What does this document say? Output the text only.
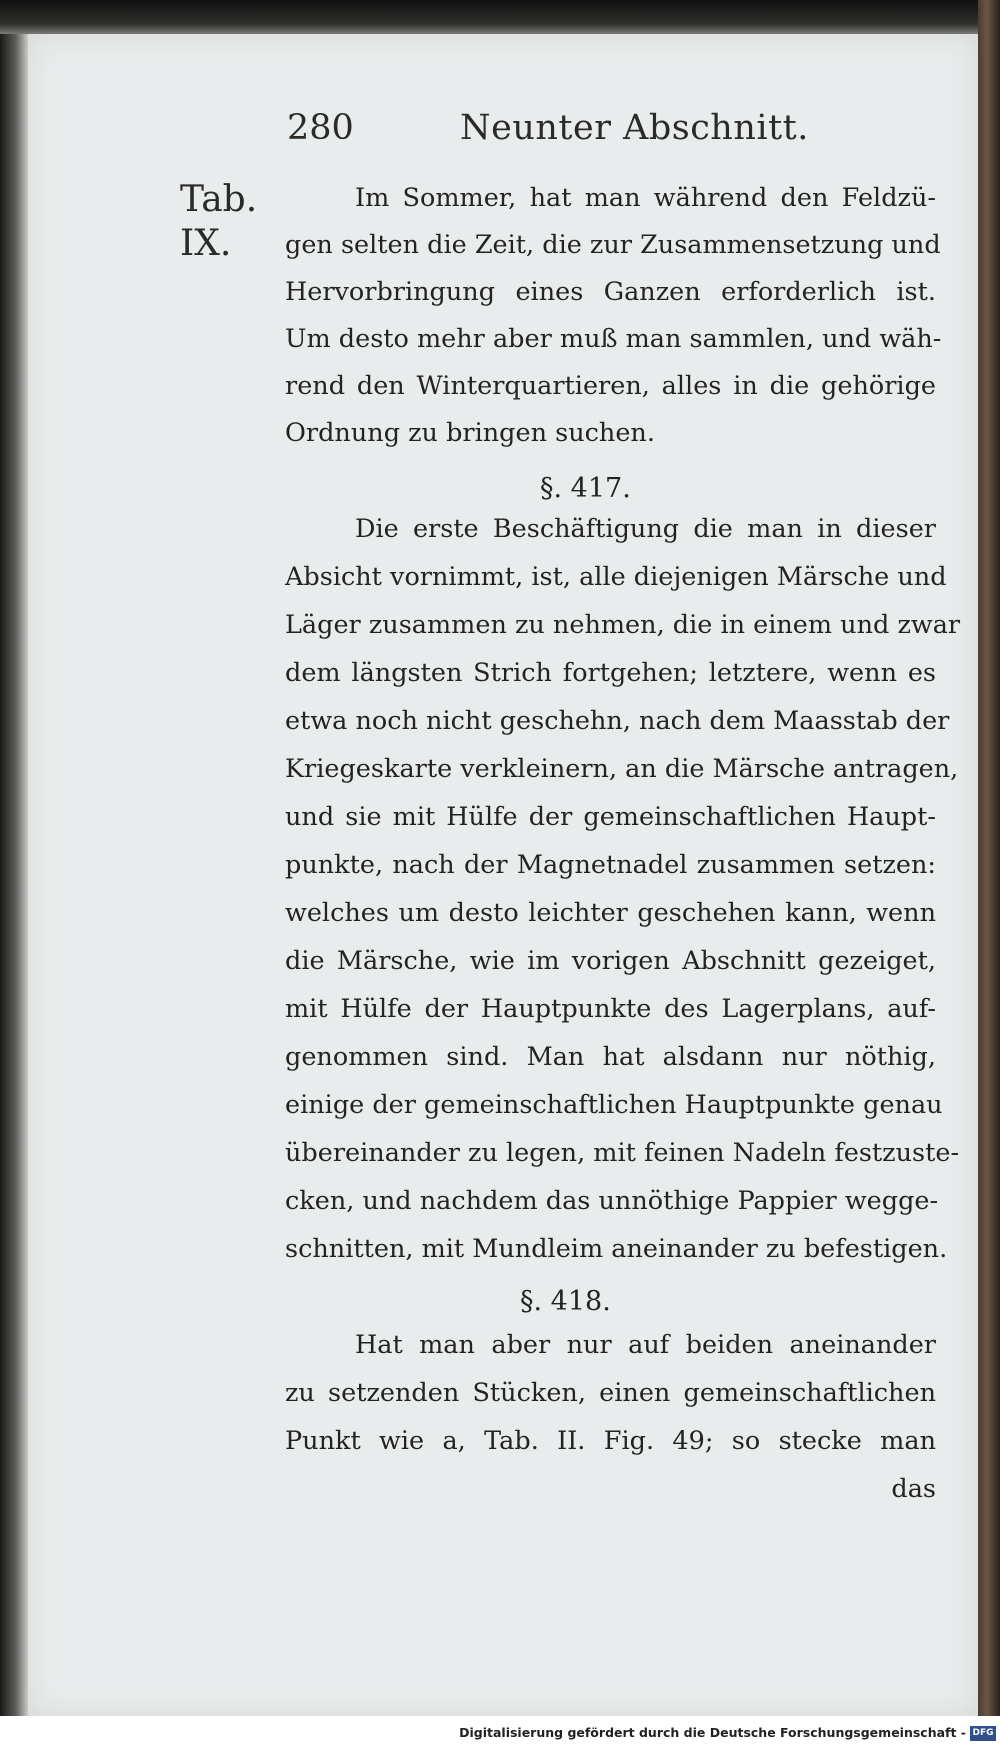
280	Neunter Abschnitt.
Tab.
IX.
Im Sommer, hat man während den Feldzü-
gen selten die Zeit, die zur Zusammensetzung und
Hervorbringung eines Ganzen erforderlich ist.
Um desto mehr aber muß man sammlen, und wäh-
rend den Winterquartieren, alles in die gehörige
Ordnung zu bringen suchen.
§. 417.
Die erste Beschäftigung die man in dieser
Absicht vornimmt, ist, alle diejenigen Märsche und
Läger zusammen zu nehmen, die in einem und zwar
dem längsten Strich fortgehen; letztere, wenn es
etwa noch nicht geschehn, nach dem Maasstab der
Kriegeskarte verkleinern, an die Märsche antragen,
und sie mit Hülfe der gemeinschaftlichen Haupt-
punkte, nach der Magnetnadel zusammen setzen:
welches um desto leichter geschehen kann, wenn
die Märsche, wie im vorigen Abschnitt gezeiget,
mit Hülfe der Hauptpunkte des Lagerplans, auf-
genommen sind. Man hat alsdann nur nöthig,
einige der gemeinschaftlichen Hauptpunkte genau
übereinander zu legen, mit feinen Nadeln festzuste-
cken, und nachdem das unnöthige Pappier wegge-
schnitten, mit Mundleim aneinander zu befestigen.
§. 418.
Hat man aber nur auf beiden aneinander
zu setzenden Stücken, einen gemeinschaftlichen
Punkt wie a, Tab. II. Fig. 49; so stecke man
das
Digitalisierung gefördert durch die Deutsche Forschungsgemeinschaft - DFG
